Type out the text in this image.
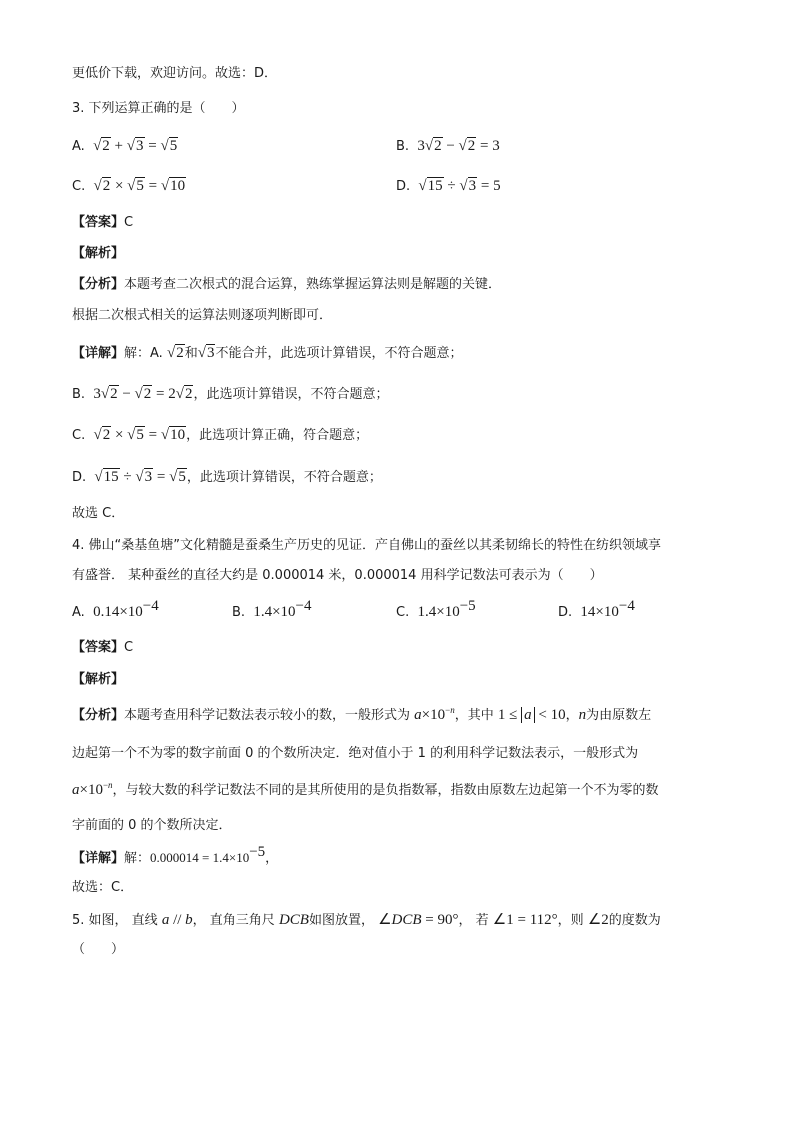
更低价下载，欢迎访问。故选：D．
3. 下列运算正确的是（　　）
A. √2 + √3 = √5	B. 3√2 − √2 = 3
C. √2 × √5 = √10	D. √15 ÷ √3 = 5
【答案】C
【解析】
【分析】本题考查二次根式的混合运算，熟练掌握运算法则是解题的关键．
根据二次根式相关的运算法则逐项判断即可．
【详解】解：A. √2和√3不能合并，此选项计算错误，不符合题意；
B. 3√2 − √2 = 2√2，此选项计算错误，不符合题意；
C. √2 × √5 = √10，此选项计算正确，符合题意；
D. √15 ÷ √3 = √5，此选项计算错误，不符合题意；
故选 C．
4. 佛山“桑基鱼塘”文化精髓是蚕桑生产历史的见证．产自佛山的蚕丝以其柔韧绵长的特性在纺织领域享
有盛誉． 某种蚕丝的直径大约是 0.000014 米，0.000014 用科学记数法可表示为（　　）
A. $0.14\times 10^{-4}$	B. $1.4\times 10^{-4}$	C. $1.4\times 10^{-5}$	D. $14\times 10^{-4}$
【答案】C
【解析】
【分析】本题考查用科学记数法表示较小的数，一般形式为 $a\times 10^{-n}$，其中 1 ≤ a < 10，n为由原数左
边起第一个不为零的数字前面 0 的个数所决定．绝对值小于 1 的利用科学记数法表示，一般形式为
$a\times 10^{-n}$，与较大数的科学记数法不同的是其所使用的是负指数幂，指数由原数左边起第一个不为零的数
字前面的 0 的个数所决定．
【详解】解：$0.000014 = 1.4\times 10^{-5}$，
故选：C．
5. 如图， 直线 a // b， 直角三角尺 DCB如图放置， ∠DCB = 90°， 若 ∠1 = 112°，则 ∠2的度数为
（　　）
